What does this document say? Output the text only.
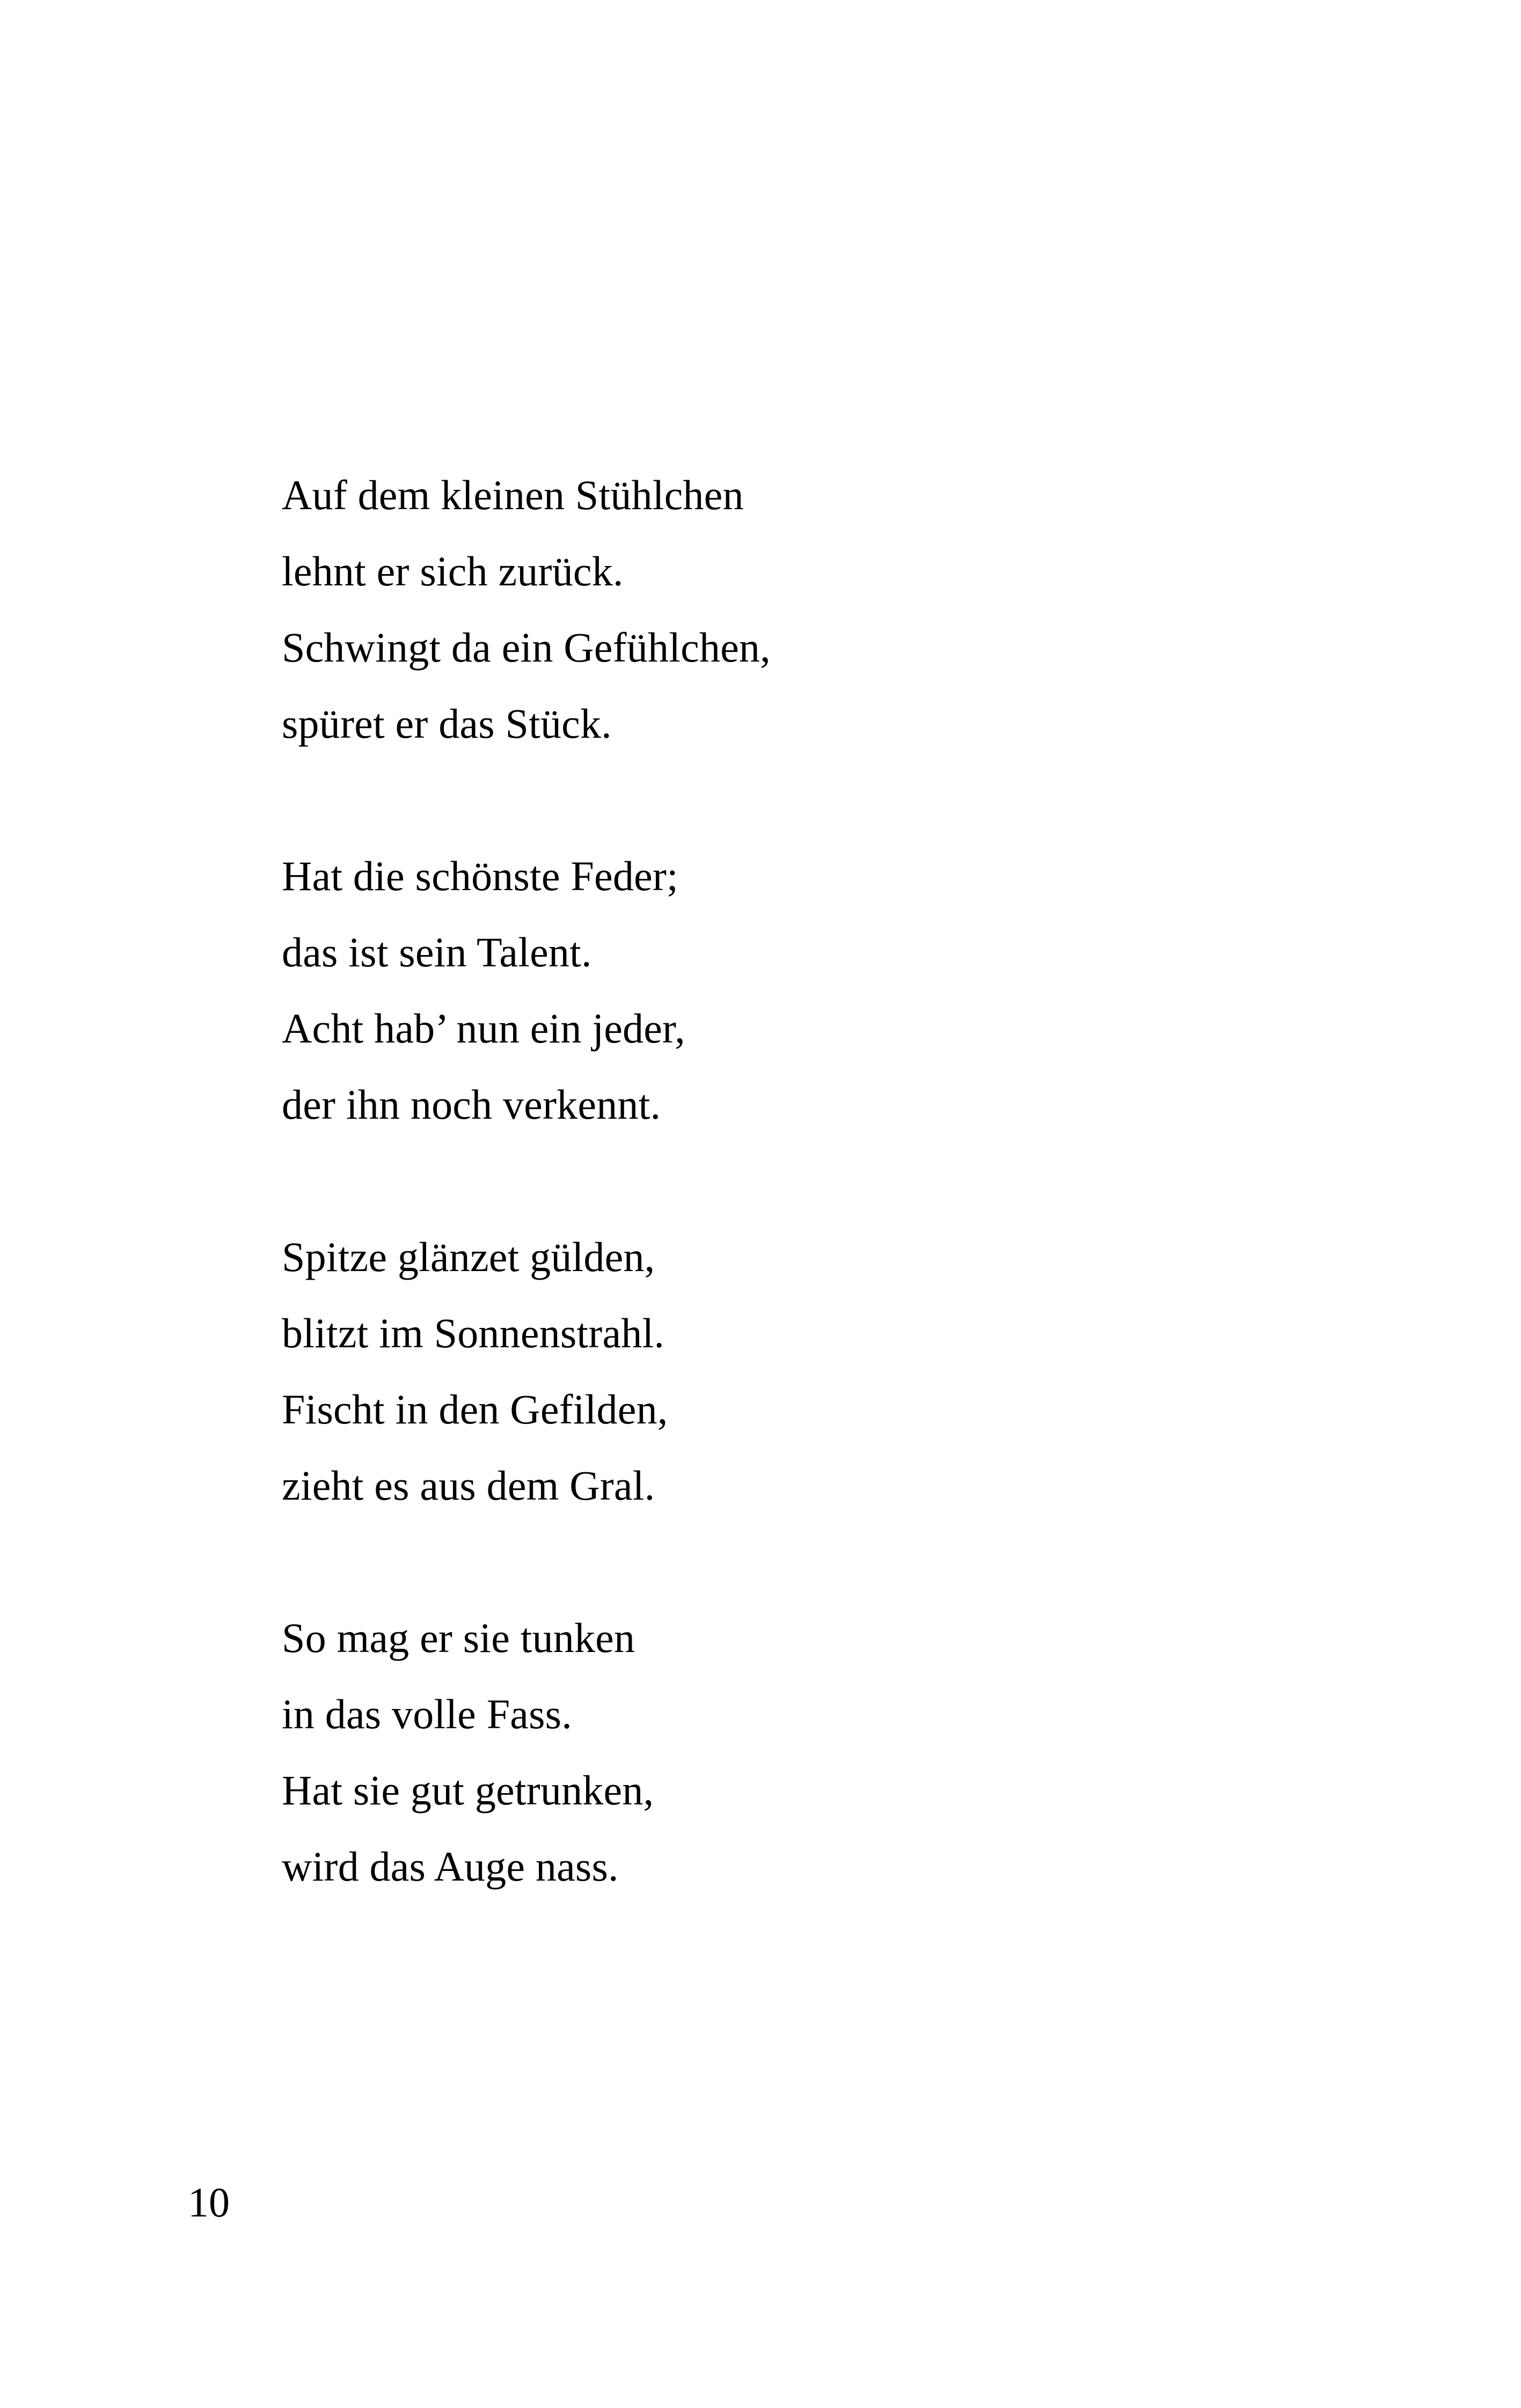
Auf dem kleinen Stühlchen
lehnt er sich zurück.
Schwingt da ein Gefühlchen,
spüret er das Stück.
Hat die schönste Feder;
das ist sein Talent.
Acht hab’ nun ein jeder,
der ihn noch verkennt.
Spitze glänzet gülden,
blitzt im Sonnenstrahl.
Fischt in den Gefilden,
zieht es aus dem Gral.
So mag er sie tunken
in das volle Fass.
Hat sie gut getrunken,
wird das Auge nass.
10
